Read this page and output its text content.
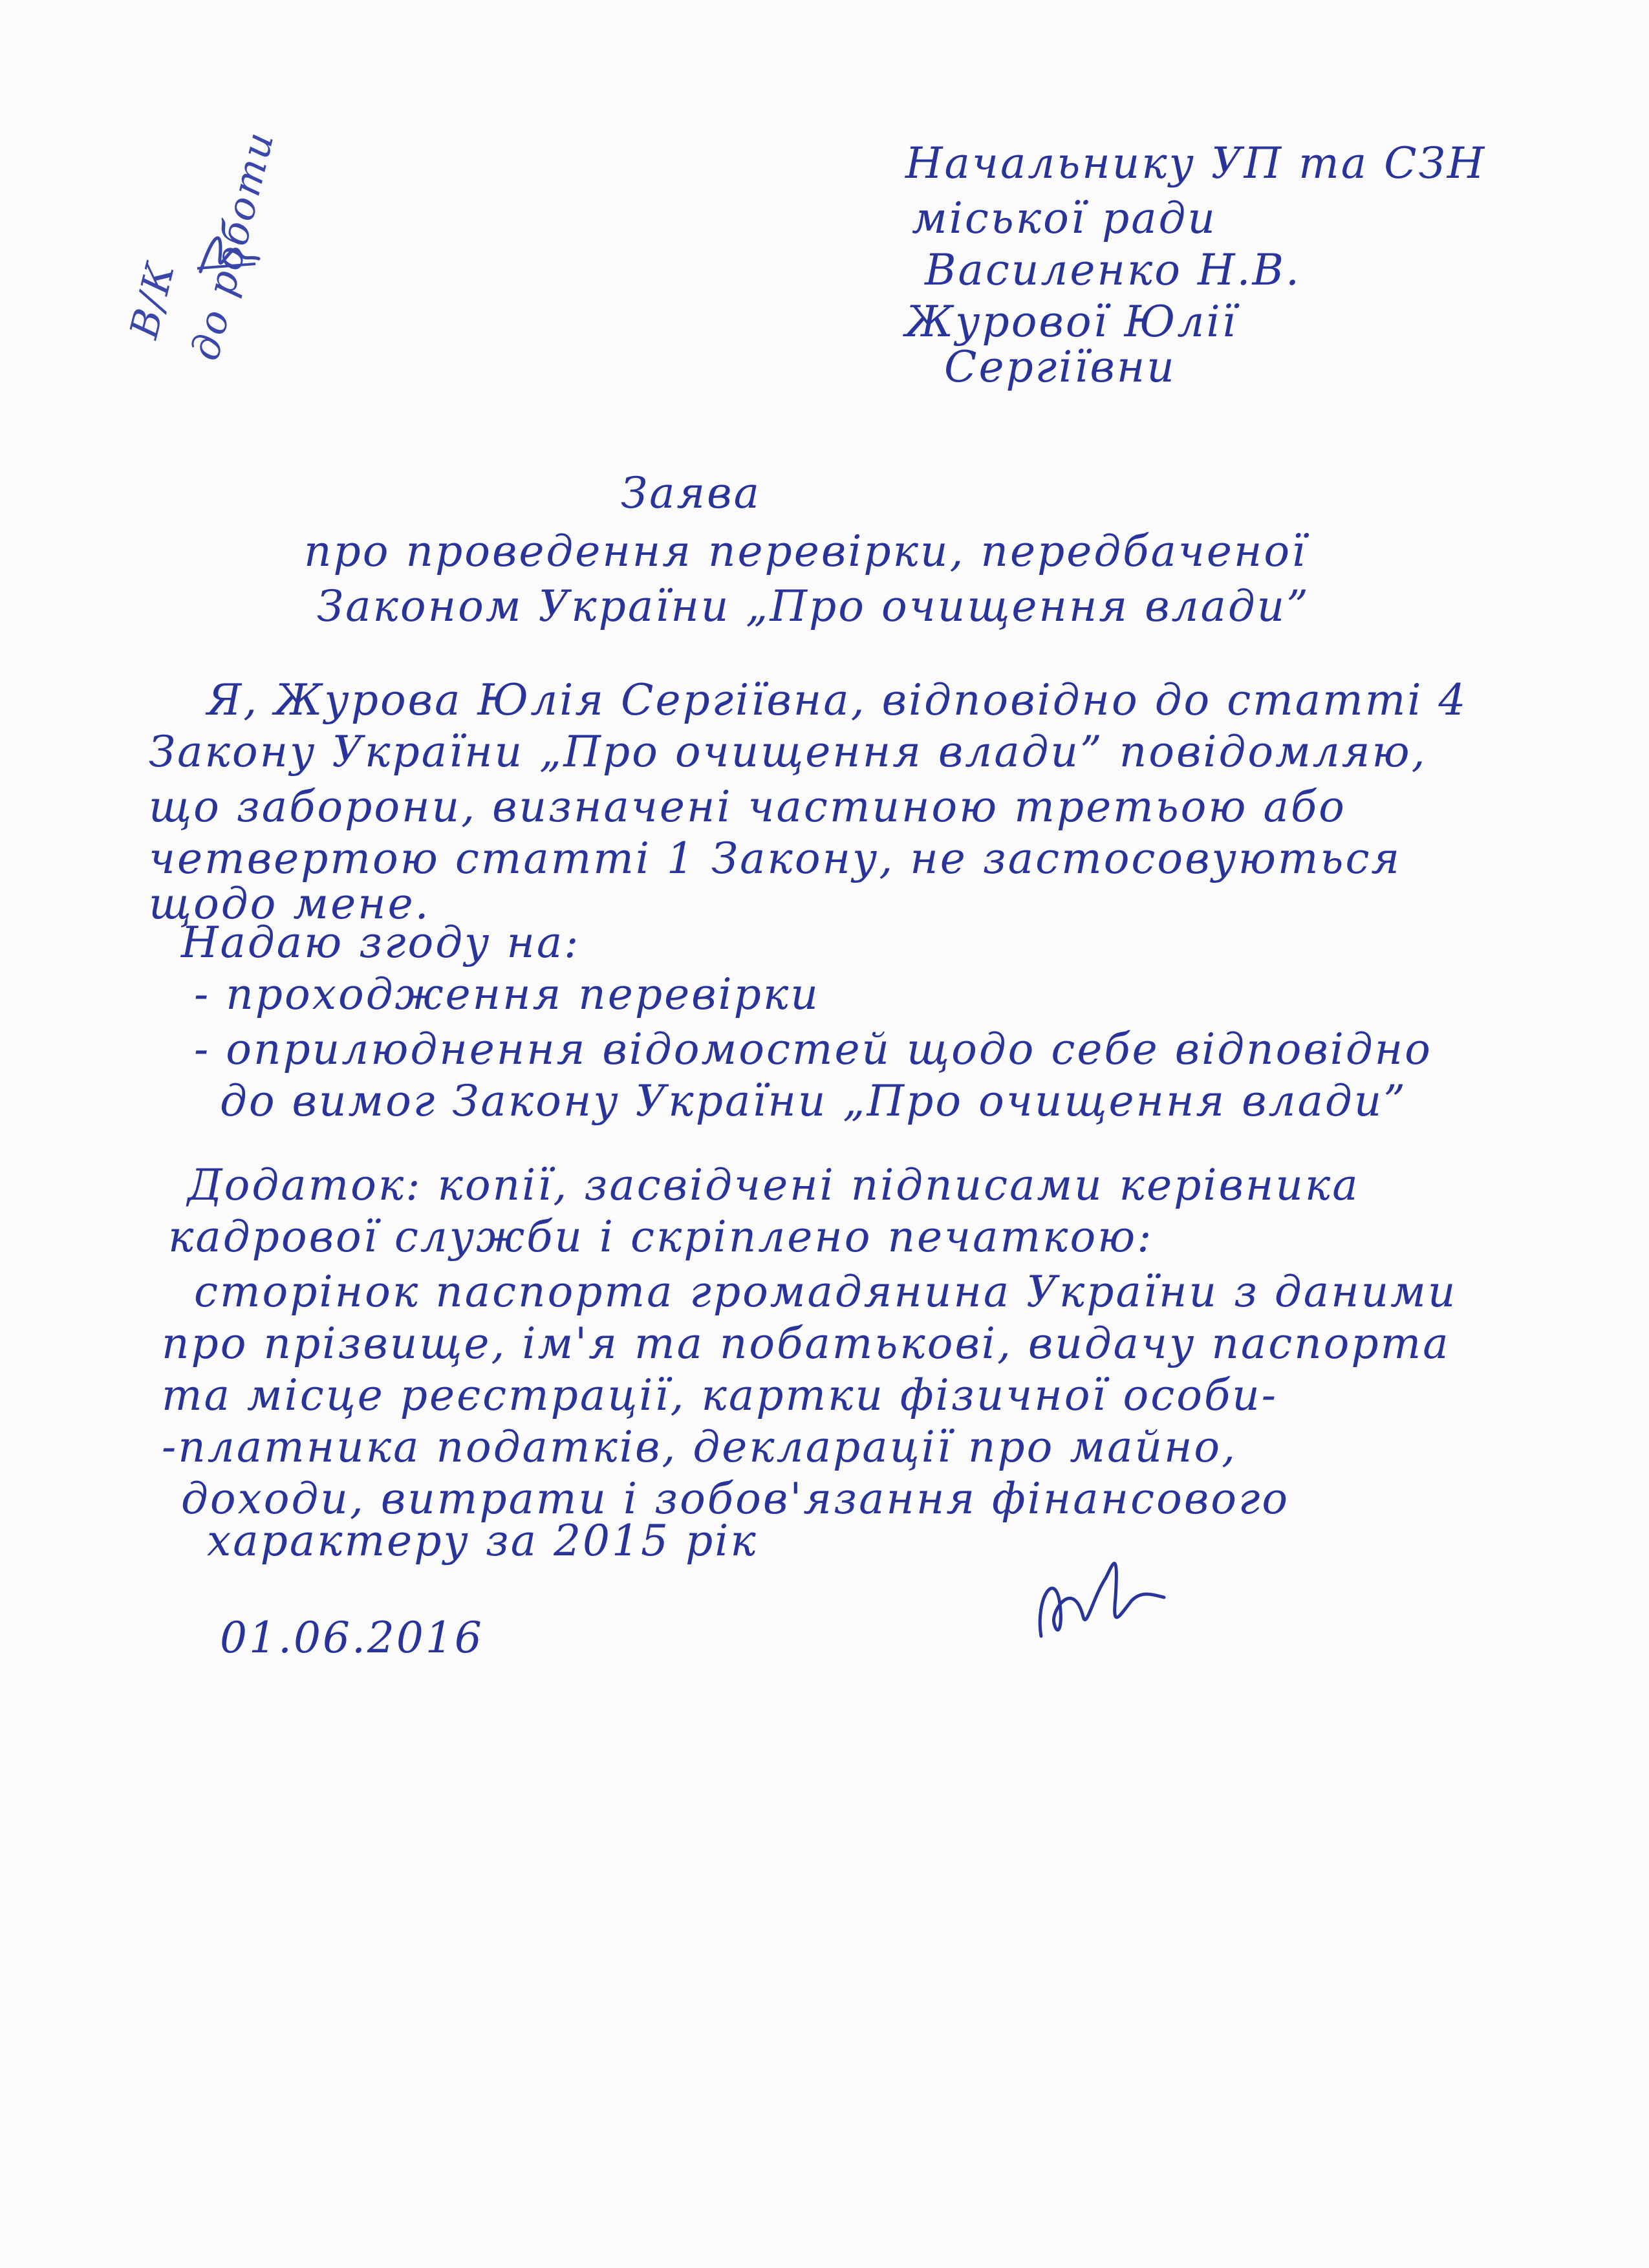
В/К
до роботи	Начальнику УП та СЗН
міської ради
Василенко Н.В.
Журової Юлії
Сергіївни
Заява
про проведення перевірки, передбаченої
Законом України „Про очищення влади”
Я, Журова Юлія Сергіївна, відповідно до статті 4
Закону України „Про очищення влади” повідомляю,
що заборони, визначені частиною третьою або
четвертою статті 1 Закону, не застосовуються
щодо мене.
Надаю згоду на:
- проходження перевірки
- оприлюднення відомостей щодо себе відповідно
до вимог Закону України „Про очищення влади”
Додаток: копії, засвідчені підписами керівника
кадрової служби і скріплено печаткою:
сторінок паспорта громадянина України з даними
про прізвище, ім'я та побатькові, видачу паспорта
та місце реєстрації, картки фізичної особи-
-платника податків, декларації про майно,
доходи, витрати і зобов'язання фінансового
характеру за 2015 рік
01.06.2016
